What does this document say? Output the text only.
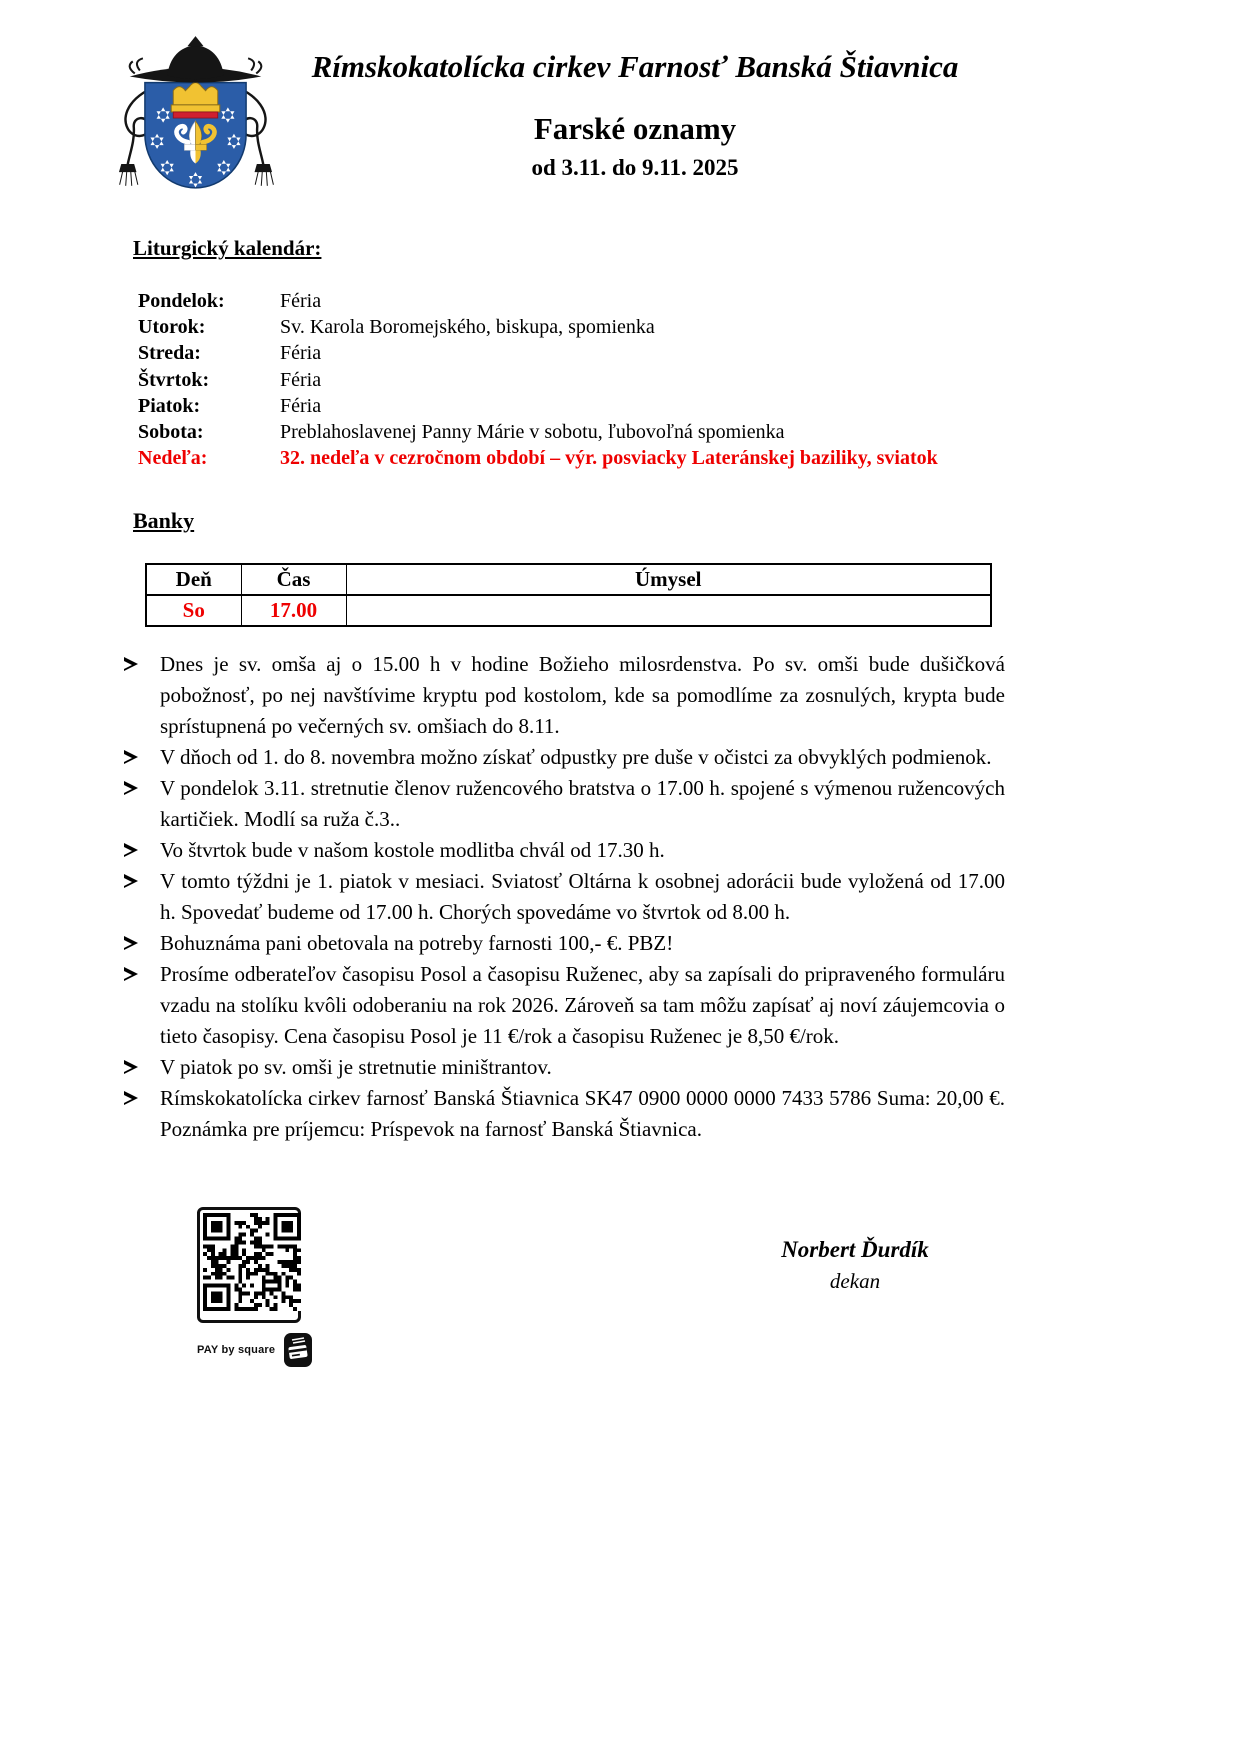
Rímskokatolícka cirkev Farnosť Banská Štiavnica
Farské oznamy
od 3.11. do 9.11. 2025
Liturgický kalendár:
Pondelok:	Féria
Utorok:	Sv. Karola Boromejského, biskupa, spomienka
Streda:	Féria
Štvrtok:	Féria
Piatok:	Féria
Sobota:	Preblahoslavenej Panny Márie v sobotu, ľubovoľná spomienka
Nedeľa:	32. nedeľa v cezročnom období – výr. posviacky Lateránskej baziliky, sviatok
Banky
Deň	Čas	Úmysel
So	17.00	
Dnes je sv. omša aj o 15.00 h v hodine Božieho milosrdenstva. Po sv. omši bude dušičková pobožnosť, po nej navštívime kryptu pod kostolom, kde sa pomodlíme za zosnulých, krypta bude sprístupnená po večerných sv. omšiach do 8.11.
V dňoch od 1. do 8. novembra možno získať odpustky pre duše v očistci za obvyklých podmienok.
V pondelok 3.11. stretnutie členov ružencového bratstva o 17.00 h. spojené s výmenou ružencových kartičiek. Modlí sa ruža č.3..
Vo štvrtok bude v našom kostole modlitba chvál od 17.30 h.
V tomto týždni je 1. piatok v mesiaci. Sviatosť Oltárna k osobnej adorácii bude vyložená od 17.00 h. Spovedať budeme od 17.00 h. Chorých spovedáme vo štvrtok od 8.00 h.
Bohuznáma pani obetovala na potreby farnosti 100,- €. PBZ!
Prosíme odberateľov časopisu Posol a časopisu Ruženec, aby sa zapísali do pripraveného formuláru vzadu na stolíku kvôli odoberaniu na rok 2026. Zároveň sa tam môžu zapísať aj noví záujemcovia o tieto časopisy. Cena časopisu Posol je 11 €/rok a časopisu Ruženec je 8,50 €/rok.
V piatok po sv. omši je stretnutie miništrantov.
Rímskokatolícka cirkev farnosť Banská Štiavnica SK47 0900 0000 0000 7433 5786 Suma: 20,00 €. Poznámka pre príjemcu: Príspevok na farnosť Banská Štiavnica.
PAY by square
Norbert Ďurdík
dekan
